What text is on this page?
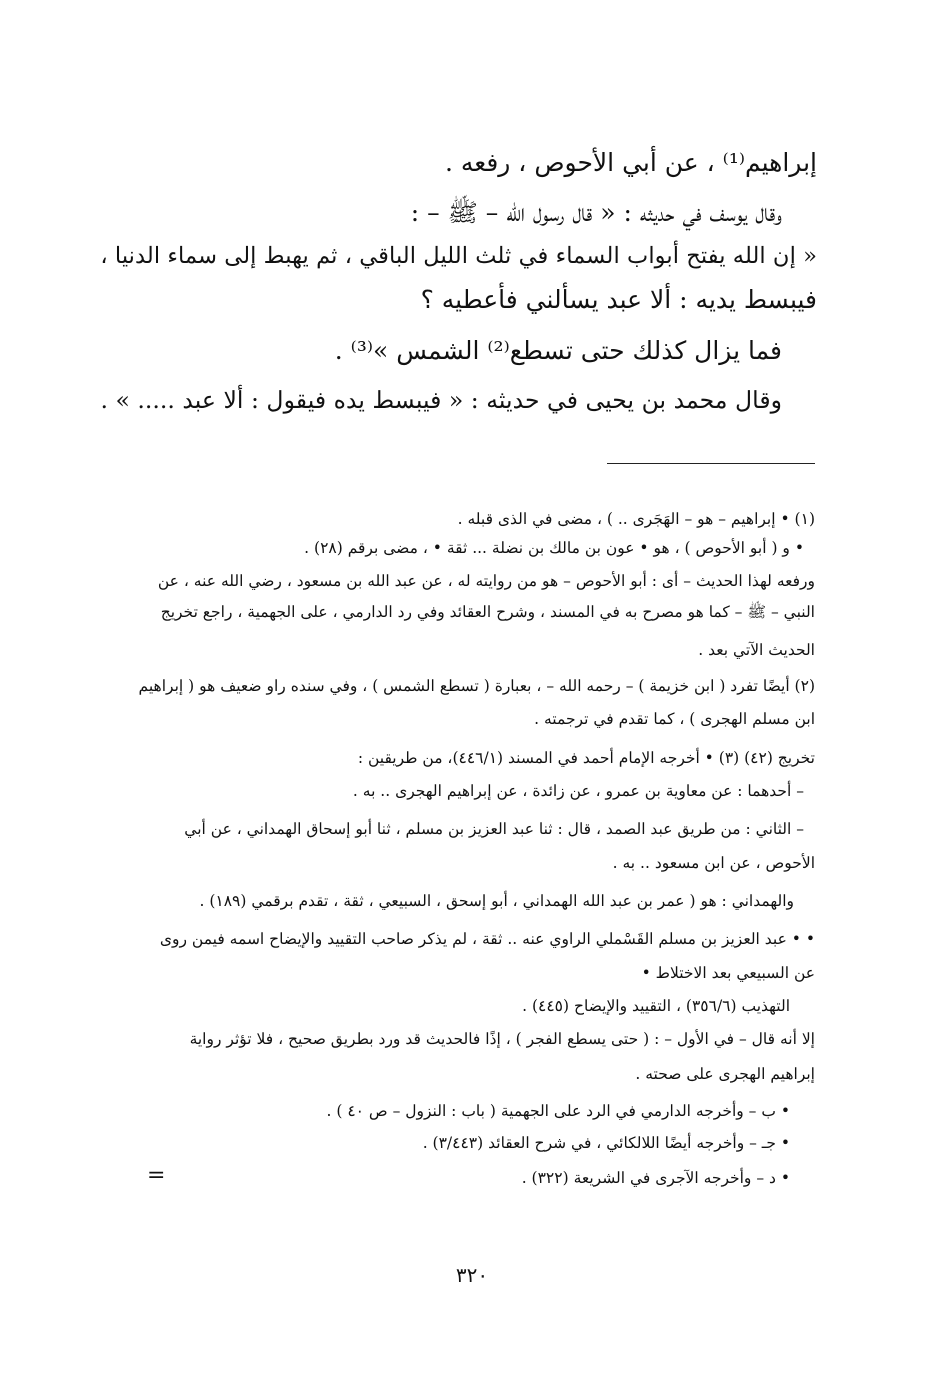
إبراهيم⁽¹⁾ ، عن أبي الأحوص ، رفعه .
وقال يوسف في حديثه : « قال رسول الله – ﷺ – :
« إن الله يفتح أبواب السماء في ثلث الليل الباقي ، ثم يهبط إلى سماء الدنيا ،
فيبسط يديه : ألا عبد يسألني فأعطيه ؟
فما يزال كذلك حتى تسطع⁽²⁾ الشمس »⁽³⁾ .
وقال محمد بن يحيى في حديثه : « فيبسط يده فيقول : ألا عبد ..... » .
(١) • إبراهيم – هو – الهَجَرى .. ) ، مضى في الذى قبله .
• و ( أبو الأحوص ) ، هو • عون بن مالك بن نضلة ... ثقة • ، مضى برقم (٢٨) .
ورفعه لهذا الحديث – أى : أبو الأحوص – هو من روايته له ، عن عبد الله بن مسعود ، رضي الله عنه ، عن
النبي – ﷺ – كما هو مصرح به في المسند ، وشرح العقائد وفي رد الدارمي ، على الجهمية ، راجع تخريج
الحديث الآتي بعد .
(٢) أيضًا تفرد ( ابن خزيمة ) – رحمه الله – ، بعبارة ( تسطع الشمس ) ، وفي سنده راو ضعيف هو ( إبراهيم
ابن مسلم الهجرى ) ، كما تقدم في ترجمته .
تخريج (٤٢) (٣) • أخرجه الإمام أحمد في المسند (٤٤٦/١)، من طريقين :
– أحدهما : عن معاوية بن عمرو ، عن زائدة ، عن إبراهيم الهجرى .. به .
– الثاني : من طريق عبد الصمد ، قال : ثنا عبد العزيز بن مسلم ، ثنا أبو إسحاق الهمداني ، عن أبي
الأحوص ، عن ابن مسعود .. به .
والهمداني : هو ( عمر بن عبد الله الهمداني ، أبو إسحق ، السبيعي ، ثقة ، تقدم برقمي (١٨٩) .
• • عبد العزيز بن مسلم القَسْملي الراوي عنه .. ثقة ، لم يذكر صاحب التقييد والإيضاح اسمه فيمن روى
عن السبيعي بعد الاختلاط •
التهذيب (٣٥٦/٦) ، التقييد والإيضاح (٤٤٥) .
إلا أنه قال – في الأول – : ( حتى يسطع الفجر ) ، إذًا فالحديث قد ورد بطريق صحيح ، فلا تؤثر رواية
إبراهيم الهجرى على صحته .
• ب – وأخرجه الدارمي في الرد على الجهمية ( باب : النزول – ص ٤٠ ) .
• جـ – وأخرجه أيضًا اللالكائي ، في شرح العقائد (٣/٤٤٣) .
• د – وأخرجه الآجرى في الشريعة (٣٢٢) .
=
٣٢٠
